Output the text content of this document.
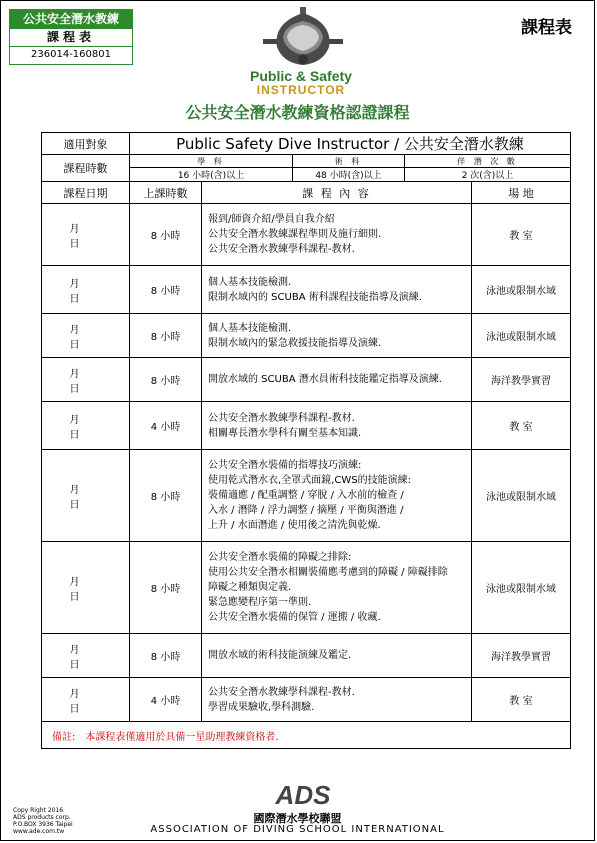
公共安全潛水教練
課程表
236014-160801
課程表
Public & Safety
INSTRUCTOR
公共安全潛水教練資格認證課程
適用對象	Public Safety Dive Instructor / 公共安全潛水教練				
課程時數	學 科		術 科	伴 潛 次 數	
	16 小時(含)以上		48 小時(含)以上	2 次(含)以上	
課程日期	上課時數	課 程 內 容			場 地
月 日	8 小時	報到/師資介紹/學員自我介紹
公共安全潛水教練課程準則及施行細則.
公共安全潛水教練學科課程-教材.			教 室
月 日	8 小時	個人基本技能檢測.
限制水域內的 SCUBA 術科課程技能指導及演練.			泳池或限制水域
月 日	8 小時	個人基本技能檢測.
限制水域內的緊急救援技能指導及演練.			泳池或限制水域
月 日	8 小時	開放水域的 SCUBA 潛水員術科技能鑑定指導及演練.			海洋教學實習
月 日	4 小時	公共安全潛水教練學科課程-教材.
相關專長潛水學科有關至基本知識.			教 室
月 日	8 小時	公共安全潛水裝備的指導技巧演練:
使用乾式潛水衣,全罩式面鏡,CWS的技能演練:
裝備適應 / 配重調整 / 穿脫 / 入水前的檢查 /
入水 / 潛降 / 浮力調整 / 摘壓 / 平衡與潛進 /
上升 / 水面潛進 / 使用後之清洗與乾燥.			泳池或限制水域
月 日	8 小時	公共安全潛水裝備的障礙之排除:
使用公共安全潛水相關裝備應考慮到的障礙 / 障礙排除
障礙之種類與定義.
緊急應變程序第一準則.
公共安全潛水裝備的保管 / 運搬 / 收藏.			泳池或限制水域
月 日	8 小時	開放水域的術科技能演練及鑑定.			海洋教學實習
月 日	4 小時	公共安全潛水教練學科課程-教材.
學習成果驗收,學科測驗.			教 室
備註:　本課程表僅適用於具備一星助理教練資格者.					
Copy Right 2016
ADS products corp.
P.O.BOX 3936 Taipei
www.ade.com.tw
ADS
國際潛水學校聯盟
ASSOCIATION OF DIVING SCHOOL INTERNATIONAL
